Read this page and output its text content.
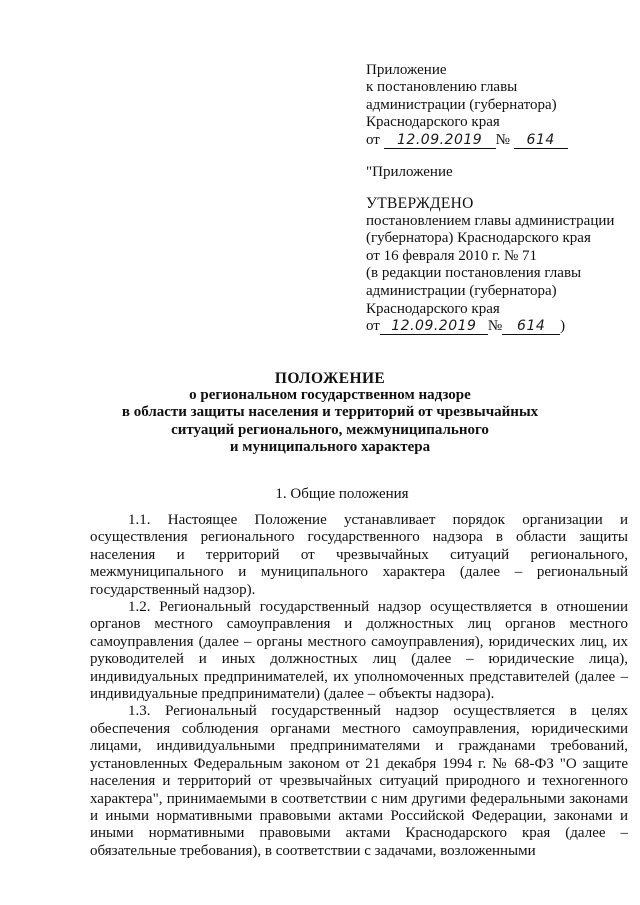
Приложение
к постановлению главы
администрации (губернатора)
Краснодарского края
от 12.09.2019 № 614
"Приложение
УТВЕРЖДЕНО
постановлением главы администрации
(губернатора) Краснодарского края
от 16 февраля 2010 г. № 71
(в редакции постановления главы
администрации (губернатора)
Краснодарского края
от 12.09.2019 № 614 )
ПОЛОЖЕНИЕ
о региональном государственном надзоре
в области защиты населения и территорий от чрезвычайных
ситуаций регионального, межмуниципального
и муниципального характера
1. Общие положения

1.1. Настоящее Положение устанавливает порядок организации и осуществления регионального государственного надзора в области защиты населения и территорий от чрезвычайных ситуаций регионального, межмуниципального и муниципального характера (далее – региональный государственный надзор).

1.2. Региональный государственный надзор осуществляется в отношении органов местного самоуправления и должностных лиц органов местного самоуправления (далее – органы местного самоуправления), юридических лиц, их руководителей и иных должностных лиц (далее – юридические лица), индивидуальных предпринимателей, их уполномоченных представителей (далее – индивидуальные предприниматели) (далее – объекты надзора).

1.3. Региональный государственный надзор осуществляется в целях обеспечения соблюдения органами местного самоуправления, юридическими лицами, индивидуальными предпринимателями и гражданами требований, установленных Федеральным законом от 21 декабря 1994 г. № 68-ФЗ "О защите населения и территорий от чрезвычайных ситуаций природного и техногенного характера", принимаемыми в соответствии с ним другими федеральными законами и иными нормативными правовыми актами Российской Федерации, законами и иными нормативными правовыми актами Краснодарского края (далее – обязательные требования), в соответствии с задачами, возложенными
